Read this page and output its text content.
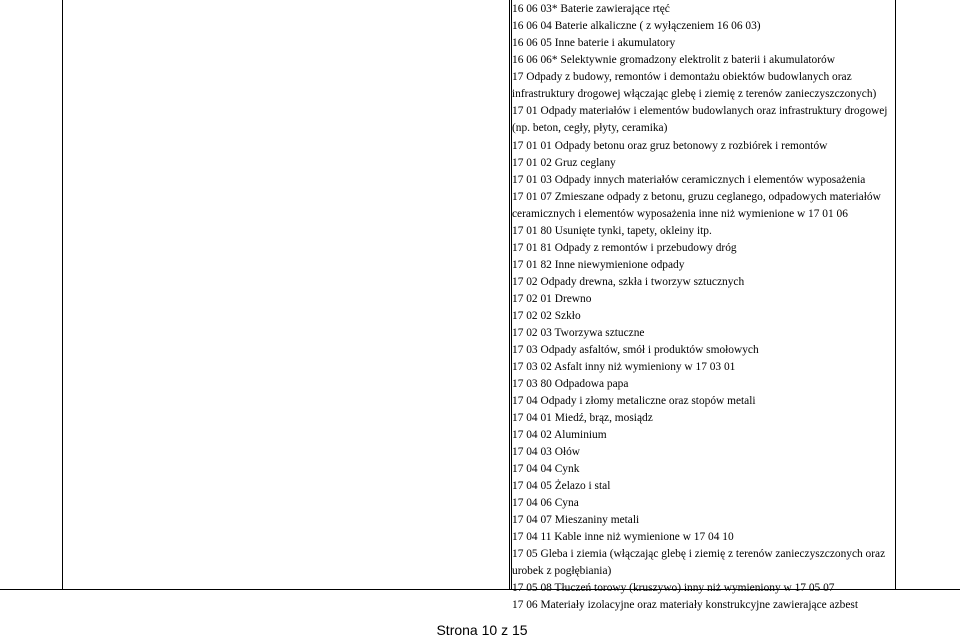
16 06 03* Baterie zawierające rtęć

16 06 04 Baterie alkaliczne ( z wyłączeniem 16 06 03)

16 06 05 Inne baterie i akumulatory

16 06 06* Selektywnie gromadzony elektrolit z baterii i akumulatorów

17 Odpady z budowy, remontów i demontażu obiektów budowlanych oraz

infrastruktury drogowej włączając glebę i ziemię z terenów zanieczyszczonych)

17 01 Odpady materiałów i elementów budowlanych oraz infrastruktury drogowej

(np. beton, cegły, płyty, ceramika)

17 01 01 Odpady betonu oraz gruz betonowy z rozbiórek i remontów

17 01 02 Gruz ceglany

17 01 03 Odpady innych materiałów ceramicznych i elementów wyposażenia

17 01 07 Zmieszane odpady z betonu, gruzu ceglanego, odpadowych materiałów

ceramicznych i elementów wyposażenia inne niż wymienione w 17 01 06

17 01 80 Usunięte tynki, tapety, okleiny itp.

17 01 81 Odpady z remontów i przebudowy dróg

17 01 82 Inne niewymienione odpady

17 02 Odpady drewna, szkła i tworzyw sztucznych

17 02 01 Drewno

17 02 02 Szkło

17 02 03 Tworzywa sztuczne

17 03 Odpady asfaltów, smół i produktów smołowych

17 03 02 Asfalt inny niż wymieniony w 17 03 01

17 03 80 Odpadowa papa

17 04 Odpady i złomy metaliczne oraz stopów metali

17 04 01 Miedź, brąz, mosiądz

17 04 02 Aluminium

17 04 03 Ołów

17 04 04 Cynk

17 04 05 Żelazo i stal

17 04 06 Cyna

17 04 07 Mieszaniny metali

17 04 11 Kable inne niż wymienione w 17 04 10

17 05 Gleba i ziemia (włączając glebę i ziemię z terenów zanieczyszczonych oraz

urobek z pogłębiania)

17 05 08 Tłuczeń torowy (kruszywo) inny niż wymieniony w 17 05 07

17 06 Materiały izolacyjne oraz materiały konstrukcyjne zawierające azbest

Strona 10 z 15
